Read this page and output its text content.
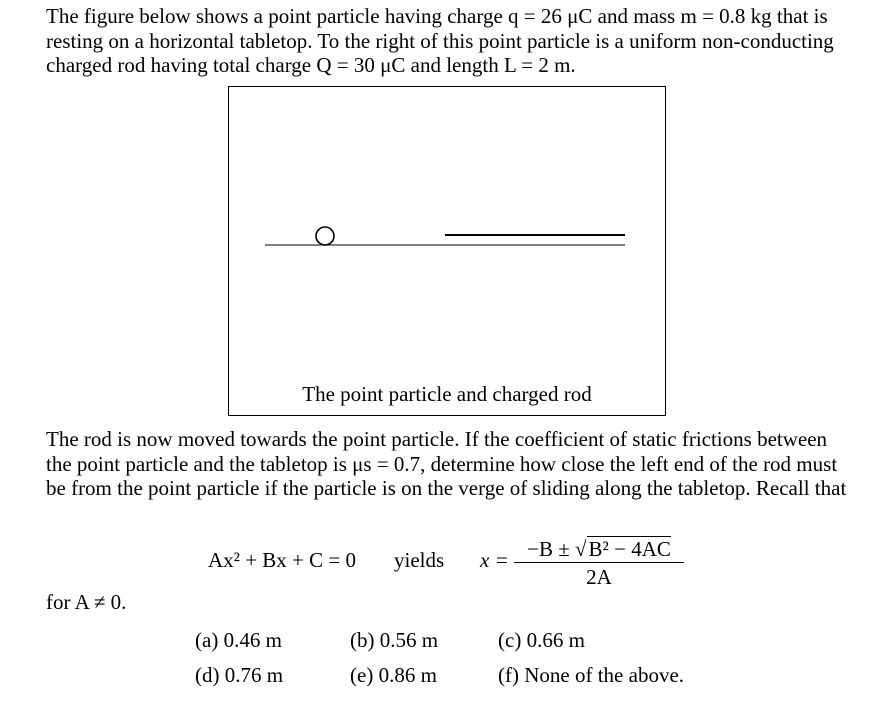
The figure below shows a point particle having charge q = 26 μC and mass m = 0.8 kg that is resting on a horizontal tabletop. To the right of this point particle is a uniform non-conducting charged rod having total charge Q = 30 μC and length L = 2 m.
The point particle and charged rod
The rod is now moved towards the point particle. If the coefficient of static frictions between the point particle and the tabletop is μs = 0.7, determine how close the left end of the rod must be from the point particle if the particle is on the verge of sliding along the tabletop. Recall that
Ax² + Bx + C = 0 yields x = −B ± √B² − 4AC
2A
for A ≠ 0.
(a) 0.46 m	(b) 0.56 m	(c) 0.66 m
(d) 0.76 m	(e) 0.86 m	(f) None of the above.
